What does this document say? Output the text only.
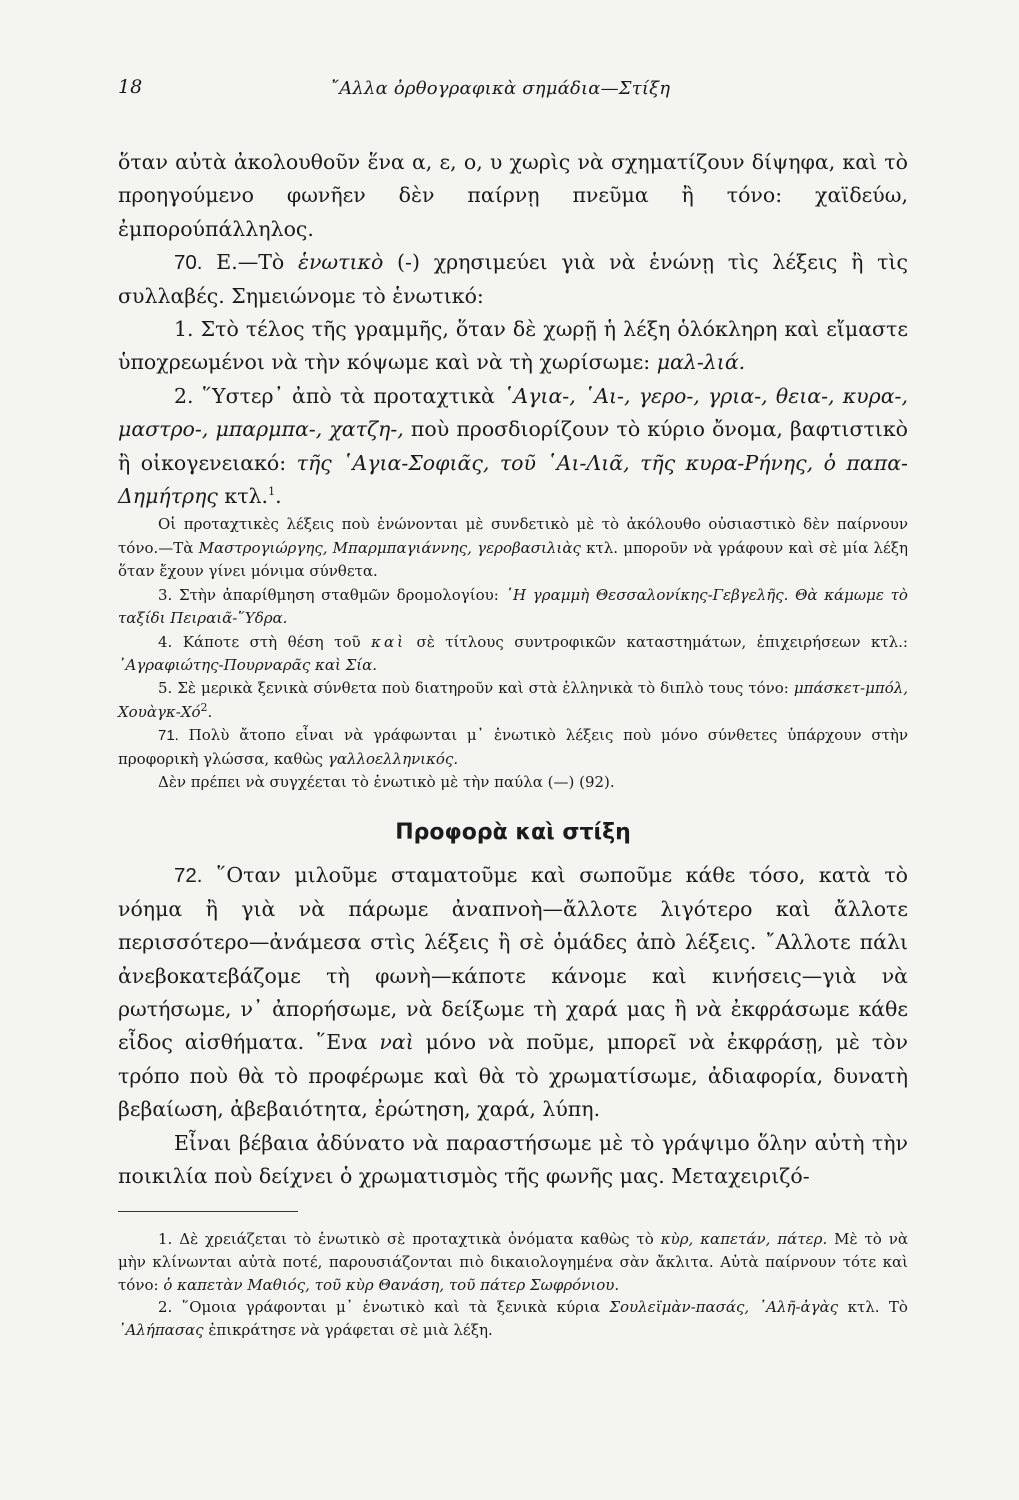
18	῎Αλλα ὀρθογραφικὰ σημάδια—Στίξη

ὅταν αὐτὰ ἀκολουθοῦν ἕνα α, ε, ο, υ χωρὶς νὰ σχηματίζουν δίψηφα, καὶ τὸ προηγούμενο φωνῆεν δὲν παίρνῃ πνεῦμα ἢ τόνο: χαϊδεύω, ἐμπορούπάλληλος.

70. Ε.—Τὸ ἑνωτικὸ (-) χρησιμεύει γιὰ νὰ ἑνώνῃ τὶς λέξεις ἢ τὶς συλλαβές. Σημειώνομε τὸ ἑνωτικό:

1. Στὸ τέλος τῆς γραμμῆς, ὅταν δὲ χωρῇ ἡ λέξη ὁλόκληρη καὶ εἴμαστε ὑποχρεωμένοι νὰ τὴν κόψωμε καὶ νὰ τὴ χωρίσωμε: μαλ-λιά.

2. ῞Υστερ᾿ ἀπὸ τὰ προταχτικὰ ῾Αγια-, ῾Αι-, γερο-, γρια-, θεια-, κυρα-, μαστρο-, μπαρμπα-, χατζη-, ποὺ προσδιορίζουν τὸ κύριο ὄνομα, βαφτιστικὸ ἢ οἰκογενειακό: τῆς ῾Αγια-Σοφιᾶς, τοῦ ῾Αι-Λιᾶ, τῆς κυρα-Ρήνης, ὁ παπα-Δημήτρης κτλ.$^1$.

Οἱ προταχτικὲς λέξεις ποὺ ἑνώνονται μὲ συνδετικὸ μὲ τὸ ἀκόλουθο οὐσιαστικὸ δὲν παίρνουν τόνο.—Τὰ Μαστρογιώργης, Μπαρμπαγιάννης, γεροβασιλιὰς κτλ. μποροῦν νὰ γράφουν καὶ σὲ μία λέξη ὅταν ἔχουν γίνει μόνιμα σύνθετα.

3. Στὴν ἀπαρίθμηση σταθμῶν δρομολογίου: ῾Η γραμμὴ Θεσσαλονίκης-Γεβγελῆς. Θὰ κάμωμε τὸ ταξίδι Πειραιᾶ-῞Υδρα.

4. Κάποτε στὴ θέση τοῦ καὶ σὲ τίτλους συντροφικῶν καταστημάτων, ἐπιχειρήσεων κτλ.: ᾿Αγραφιώτης-Πουρναρᾶς καὶ Σία.

5. Σὲ μερικὰ ξενικὰ σύνθετα ποὺ διατηροῦν καὶ στὰ ἑλληνικὰ τὸ διπλὸ τους τόνο: μπάσκετ-μπόλ, Χουὰγκ-$Xό^2$.

71. Πολὺ ἄτοπο εἶναι νὰ γράφωνται μ᾿ ἑνωτικὸ λέξεις ποὺ μόνο σύνθετες ὑπάρχουν στὴν προφορικὴ γλώσσα, καθὼς γαλλοελληνικός.

Δὲν πρέπει νὰ συγχέεται τὸ ἑνωτικὸ μὲ τὴν παύλα (—) (92).

Προφορὰ καὶ στίξη

72. ῞Οταν μιλοῦμε σταματοῦμε καὶ σωποῦμε κάθε τόσο, κατὰ τὸ νόημα ἢ γιὰ νὰ πάρωμε ἀναπνοὴ—ἄλλοτε λιγότερο καὶ ἄλλοτε περισσότερο—ἀνάμεσα στὶς λέξεις ἢ σὲ ὁμάδες ἀπὸ λέξεις. ῎Αλλοτε πάλι ἀνεβοκατεβάζομε τὴ φωνὴ—κάποτε κάνομε καὶ κινήσεις—γιὰ νὰ ρωτήσωμε, ν᾿ ἀπορήσωμε, νὰ δείξωμε τὴ χαρά μας ἢ νὰ ἐκφράσωμε κάθε εἶδος αἰσθήματα. ῞Ενα ναὶ μόνο νὰ ποῦμε, μπορεῖ νὰ ἐκφράσῃ, μὲ τὸν τρόπο ποὺ θὰ τὸ προφέρωμε καὶ θὰ τὸ χρωματίσωμε, ἀδιαφορία, δυνατὴ βεβαίωση, ἀβεβαιότητα, ἐρώτηση, χαρά, λύπη.

Εἶναι βέβαια ἀδύνατο νὰ παραστήσωμε μὲ τὸ γράψιμο ὅλην αὐτὴ τὴν ποικιλία ποὺ δείχνει ὁ χρωματισμὸς τῆς φωνῆς μας. Μεταχειριζό-

1. Δὲ χρειάζεται τὸ ἑνωτικὸ σὲ προταχτικὰ ὀνόματα καθὼς τὸ κὺρ, καπετάν, πάτερ. Μὲ τὸ νὰ μὴν κλίνωνται αὐτὰ ποτέ, παρουσιάζονται πιὸ δικαιολογημένα σὰν ἄκλιτα. Αὐτὰ παίρνουν τότε καὶ τόνο: ὁ καπετὰν Μαθιός, τοῦ κὺρ Θανάση, τοῦ πάτερ Σωφρόνιου.

2. ῞Ομοια γράφονται μ᾿ ἑνωτικὸ καὶ τὰ ξενικὰ κύρια Σουλεϊμὰν-πασάς, ᾿Αλῆ-ἀγὰς κτλ. Τὸ ᾿Αλήπασας ἐπικράτησε νὰ γράφεται σὲ μιὰ λέξη.
